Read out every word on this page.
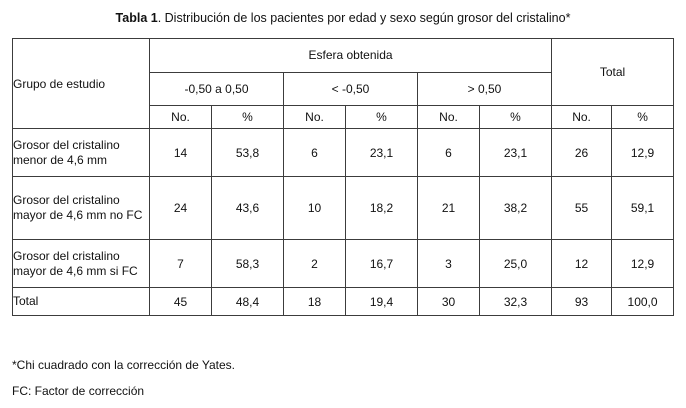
Tabla 1. Distribución de los pacientes por edad y sexo según grosor del cristalino*
Grupo de estudio	Esfera obtenida						Total	
	-0,50 a 0,50		< -0,50		> 0,50			
	No.	%	No.	%	No.	%	No.	%
Grosor del cristalino menor de 4,6 mm	14	53,8	6	23,1	6	23,1	26	12,9
Grosor del cristalino mayor de 4,6 mm no FC	24	43,6	10	18,2	21	38,2	55	59,1
Grosor del cristalino mayor de 4,6 mm si FC	7	58,3	2	16,7	3	25,0	12	12,9
Total	45	48,4	18	19,4	30	32,3	93	100,0
*Chi cuadrado con la corrección de Yates.
FC: Factor de corrección
